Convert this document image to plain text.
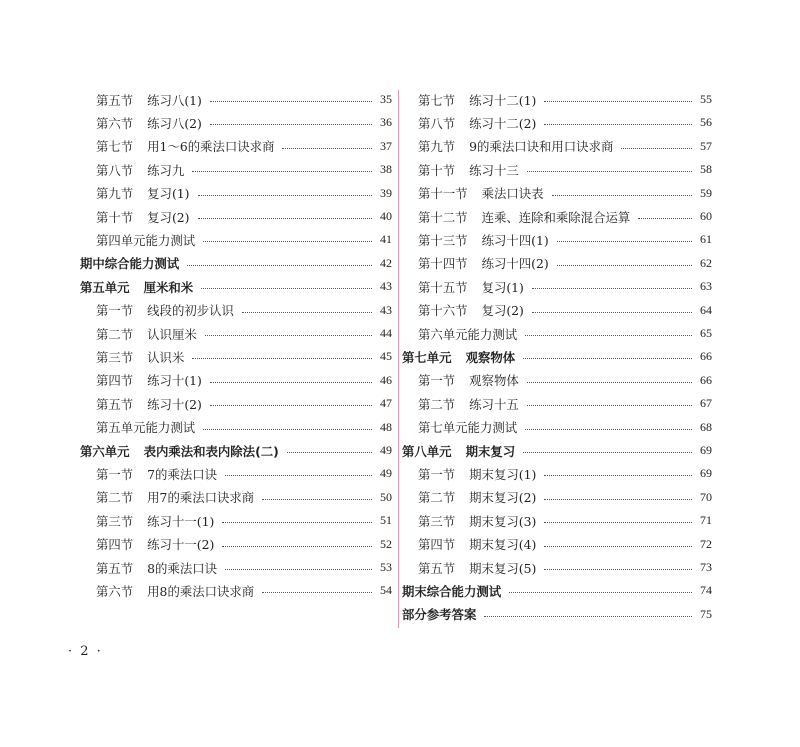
第五节 练习八(1)	35
第六节 练习八(2)	36
第七节 用1～6的乘法口诀求商	37
第八节 练习九	38
第九节 复习(1)	39
第十节 复习(2)	40
第四单元能力测试	41
期中综合能力测试	42
第五单元 厘米和米	43
第一节 线段的初步认识	43
第二节 认识厘米	44
第三节 认识米	45
第四节 练习十(1)	46
第五节 练习十(2)	47
第五单元能力测试	48
第六单元 表内乘法和表内除法(二)	49
第一节 7的乘法口诀	49
第二节 用7的乘法口诀求商	50
第三节 练习十一(1)	51
第四节 练习十一(2)	52
第五节 8的乘法口诀	53
第六节 用8的乘法口诀求商	54
第七节 练习十二(1)	55
第八节 练习十二(2)	56
第九节 9的乘法口诀和用口诀求商	57
第十节 练习十三	58
第十一节 乘法口诀表	59
第十二节 连乘、连除和乘除混合运算	60
第十三节 练习十四(1)	61
第十四节 练习十四(2)	62
第十五节 复习(1)	63
第十六节 复习(2)	64
第六单元能力测试	65
第七单元 观察物体	66
第一节 观察物体	66
第二节 练习十五	67
第七单元能力测试	68
第八单元 期末复习	69
第一节 期末复习(1)	69
第二节 期末复习(2)	70
第三节 期末复习(3)	71
第四节 期末复习(4)	72
第五节 期末复习(5)	73
期末综合能力测试	74
部分参考答案	75
· 2 ·
